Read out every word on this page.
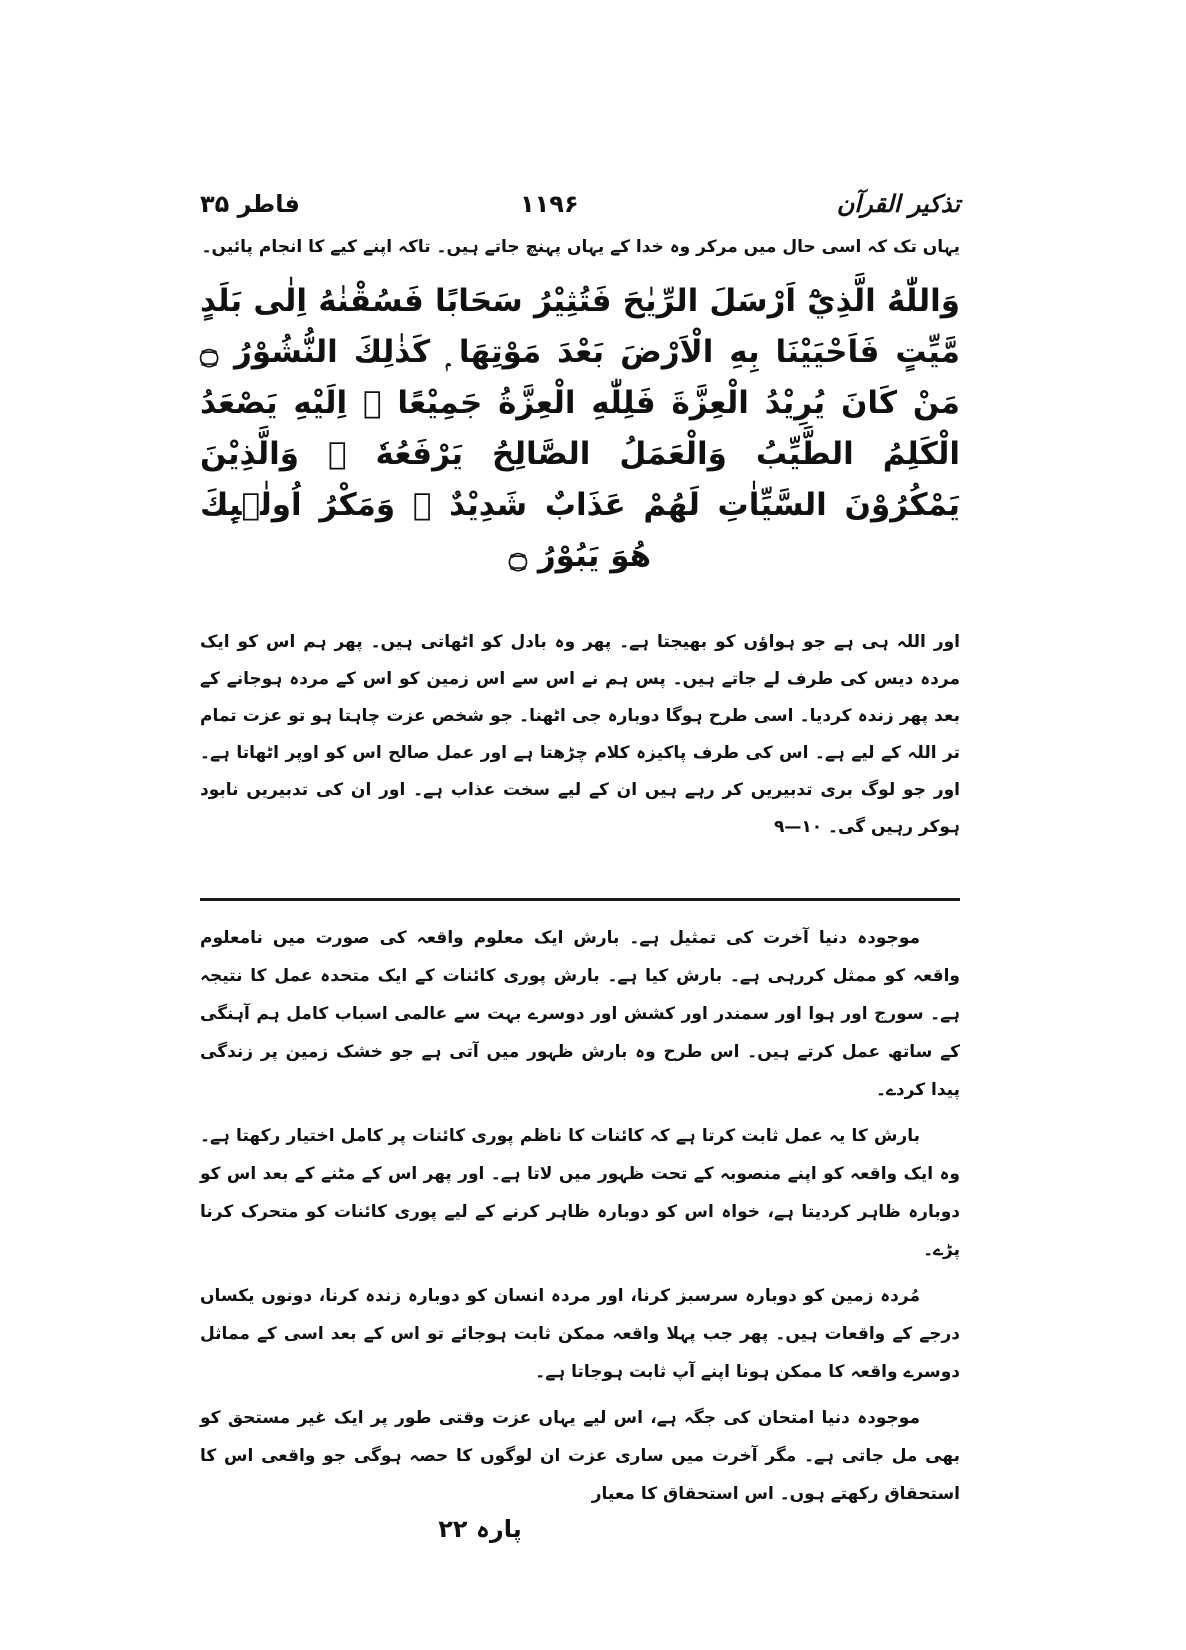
تذکیر القرآن
۱۱۹۶
فاطر ۳۵
یہاں تک کہ اسی حال میں مرکر وہ خدا کے یہاں پہنچ جاتے ہیں۔ تاکہ اپنے کیے کا انجام پائیں۔
وَاللّٰهُ الَّذِيْٓ اَرْسَلَ الرِّيٰحَ فَتُثِيْرُ سَحَابًا فَسُقْنٰهُ اِلٰى بَلَدٍ مَّيِّتٍ فَاَحْيَيْنَا بِهِ الْاَرْضَ بَعْدَ مَوْتِهَا ۭ كَذٰلِكَ النُّشُوْرُ ۝ مَنْ كَانَ يُرِيْدُ الْعِزَّةَ فَلِلّٰهِ الْعِزَّةُ جَمِيْعًا ۭ اِلَيْهِ يَصْعَدُ الْكَلِمُ الطَّيِّبُ وَالْعَمَلُ الصَّالِحُ يَرْفَعُهٗ ۭ وَالَّذِيْنَ يَمْكُرُوْنَ السَّيِّاٰتِ لَهُمْ عَذَابٌ شَدِيْدٌ ۭ وَمَكْرُ اُولٰۗىِٕكَ هُوَ يَبُوْرُ ۝

اور اللہ ہی ہے جو ہواؤں کو بھیجتا ہے۔ پھر وہ بادل کو اٹھاتی ہیں۔ پھر ہم اس کو ایک مردہ دیس کی طرف لے جاتے ہیں۔ پس ہم نے اس سے اس زمین کو اس کے مردہ ہوجانے کے بعد پھر زندہ کردیا۔ اسی طرح ہوگا دوبارہ جی اٹھنا۔ جو شخص عزت چاہتا ہو تو عزت تمام تر اللہ کے لیے ہے۔ اس کی طرف پاکیزہ کلام چڑھتا ہے اور عمل صالح اس کو اوپر اٹھاتا ہے۔ اور جو لوگ بری تدبیریں کر رہے ہیں ان کے لیے سخت عذاب ہے۔ اور ان کی تدبیریں نابود ہوکر رہیں گی۔ ۱۰—۹

موجودہ دنیا آخرت کی تمثیل ہے۔ بارش ایک معلوم واقعہ کی صورت میں نامعلوم واقعہ کو ممثل کررہی ہے۔ بارش کیا ہے۔ بارش پوری کائنات کے ایک متحدہ عمل کا نتیجہ ہے۔ سورج اور ہوا اور سمندر اور کشش اور دوسرے بہت سے عالمی اسباب کامل ہم آہنگی کے ساتھ عمل کرتے ہیں۔ اس طرح وہ بارش ظہور میں آتی ہے جو خشک زمین پر زندگی پیدا کردے۔

بارش کا یہ عمل ثابت کرتا ہے کہ کائنات کا ناظم پوری کائنات پر کامل اختیار رکھتا ہے۔ وہ ایک واقعہ کو اپنے منصوبہ کے تحت ظہور میں لاتا ہے۔ اور پھر اس کے مٹنے کے بعد اس کو دوبارہ ظاہر کردیتا ہے، خواہ اس کو دوبارہ ظاہر کرنے کے لیے پوری کائنات کو متحرک کرنا پڑے۔

مُردہ زمین کو دوبارہ سرسبز کرنا، اور مردہ انسان کو دوبارہ زندہ کرنا، دونوں یکساں درجے کے واقعات ہیں۔ پھر جب پہلا واقعہ ممکن ثابت ہوجائے تو اس کے بعد اسی کے مماثل دوسرے واقعہ کا ممکن ہونا اپنے آپ ثابت ہوجاتا ہے۔

موجودہ دنیا امتحان کی جگہ ہے، اس لیے یہاں عزت وقتی طور پر ایک غیر مستحق کو بھی مل جاتی ہے۔ مگر آخرت میں ساری عزت ان لوگوں کا حصہ ہوگی جو واقعی اس کا استحقاق رکھتے ہوں۔ اس استحقاق کا معیار

پارہ ۲۲
